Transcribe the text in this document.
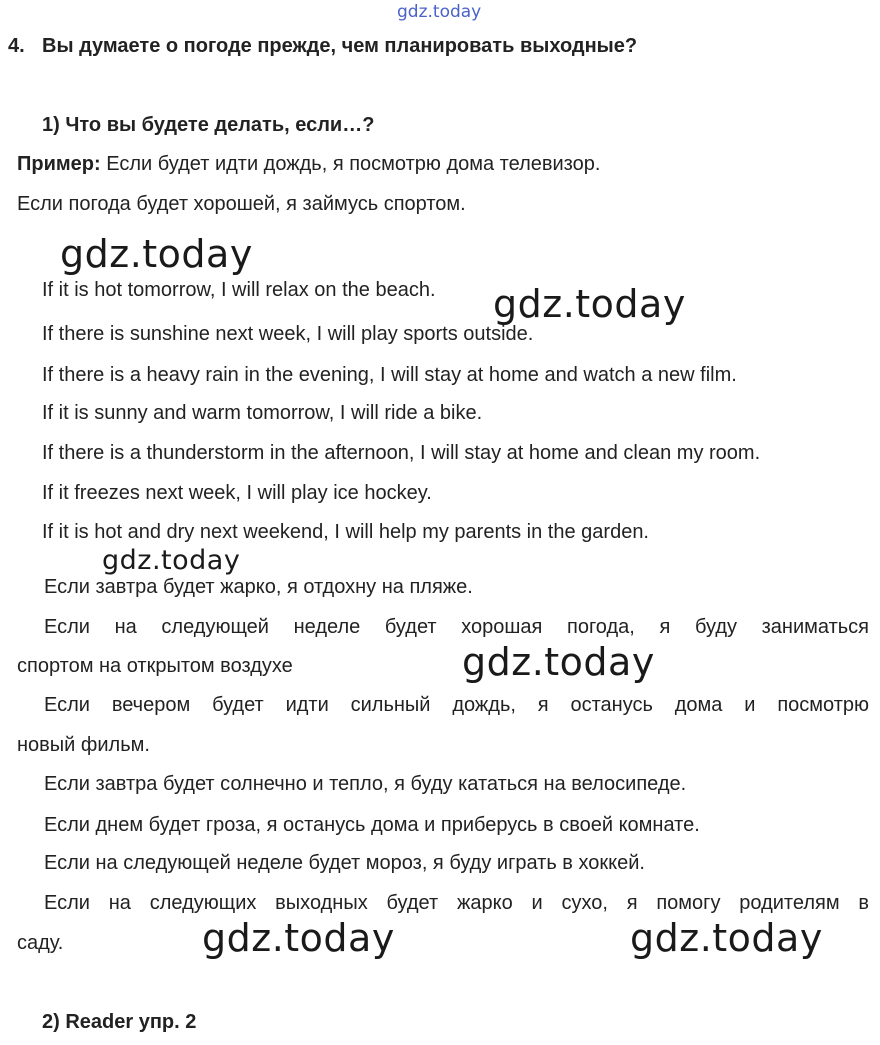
gdz.today
4. Вы думаете о погоде прежде, чем планировать выходные?
1) Что вы будете делать, если…?
Пример: Если будет идти дождь, я посмотрю дома телевизор.
Если погода будет хорошей, я займусь спортом.
gdz.today
If it is hot tomorrow, I will relax on the beach. gdz.today
If there is sunshine next week, I will play sports outside.
If there is a heavy rain in the evening, I will stay at home and watch a new film.
If it is sunny and warm tomorrow, I will ride a bike.
If there is a thunderstorm in the afternoon, I will stay at home and clean my room.
If it freezes next week, I will play ice hockey.
If it is hot and dry next weekend, I will help my parents in the garden.
gdz.today
Если завтра будет жарко, я отдохну на пляже.
Если на следующей неделе будет хорошая погода, я буду заниматься
спортом на открытом воздухе	gdz.today
Если вечером будет идти сильный дождь, я останусь дома и посмотрю
новый фильм.
Если завтра будет солнечно и тепло, я буду кататься на велосипеде.
Если днем будет гроза, я останусь дома и приберусь в своей комнате.
Если на следующей неделе будет мороз, я буду играть в хоккей.
Если на следующих выходных будет жарко и сухо, я помогу родителям в
саду.	gdz.today	gdz.today
2) Reader упр. 2
